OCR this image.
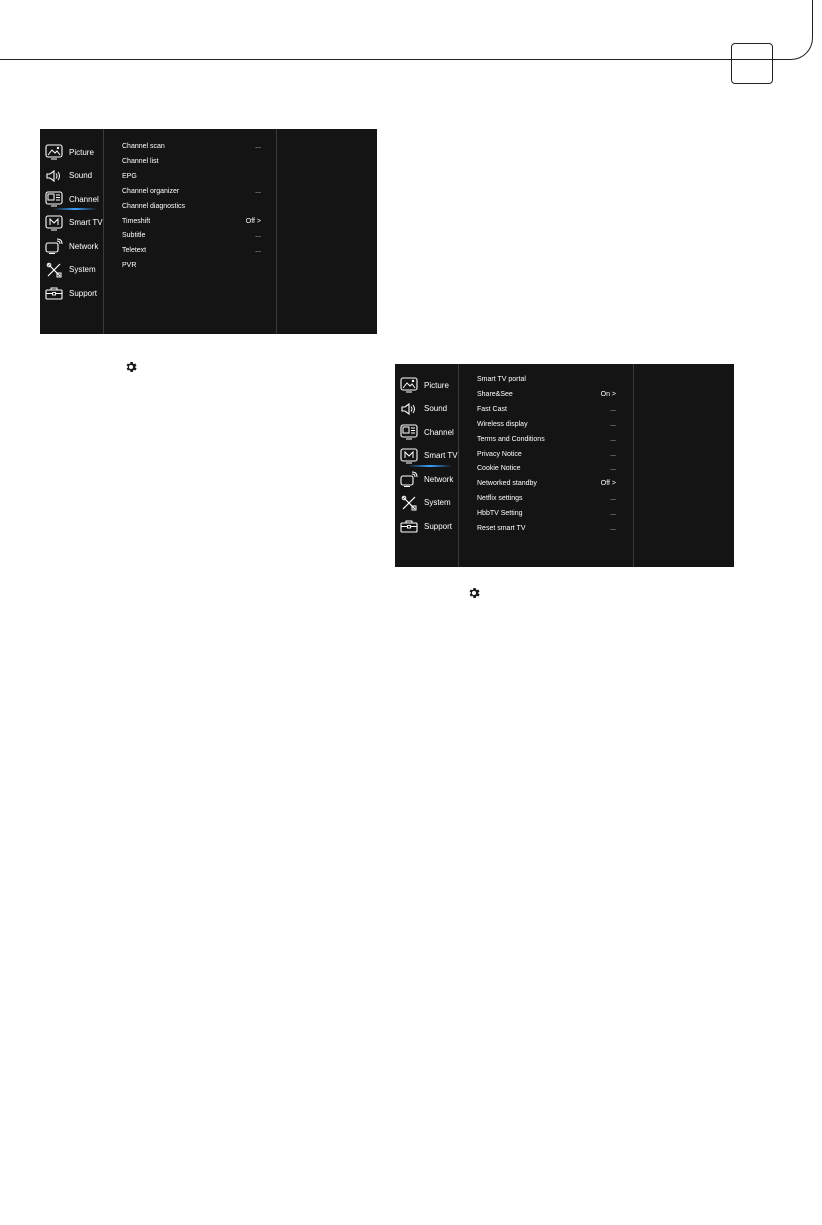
Picture
Sound
Channel
Smart TV
Network
System
Support
Channel scan	...
Channel list
EPG
Channel organizer	...
Channel diagnostics
Timeshift	Off >
Subtitle	...
Teletext	...
PVR
Picture
Sound
Channel
Smart TV
Network
System
Support
Smart TV portal
Share&See	On >
Fast Cast	...
Wireless display	...
Terms and Conditions	...
Privacy Notice	...
Cookie Notice	...
Networked standby	Off >
Netflix settings	...
HbbTV Setting	...
Reset smart TV	...
